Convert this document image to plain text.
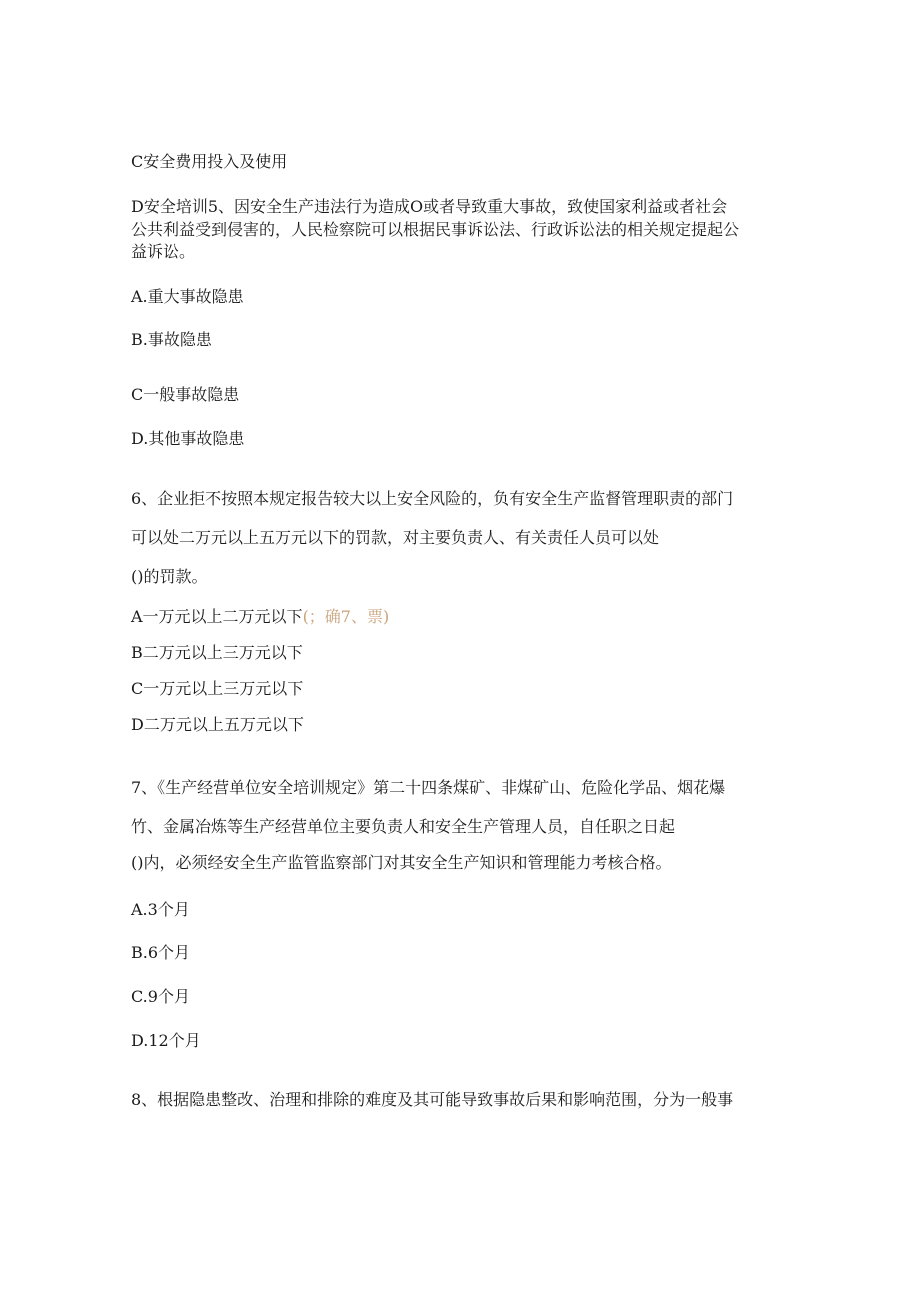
C安全费用投入及使用

D安全培训5、因安全生产违法行为造成O或者导致重大事故，致使国家利益或者社会

公共利益受到侵害的，人民检察院可以根据民事诉讼法、行政诉讼法的相关规定提起公

益诉讼。

A.重大事故隐患

B.事故隐患

C一般事故隐患

D.其他事故隐患

6、企业拒不按照本规定报告较大以上安全风险的，负有安全生产监督管理职责的部门

可以处二万元以上五万元以下的罚款，对主要负责人、有关责任人员可以处

()的罚款。

A一万元以上二万元以下(；确7、票)

B二万元以上三万元以下

C一万元以上三万元以下

D二万元以上五万元以下

7、《生产经营单位安全培训规定》第二十四条煤矿、非煤矿山、危险化学品、烟花爆

竹、金属冶炼等生产经营单位主要负责人和安全生产管理人员，自任职之日起

()内，必须经安全生产监管监察部门对其安全生产知识和管理能力考核合格。

A.3个月

B.6个月

C.9个月

D.12个月

8、根据隐患整改、治理和排除的难度及其可能导致事故后果和影响范围，分为一般事
